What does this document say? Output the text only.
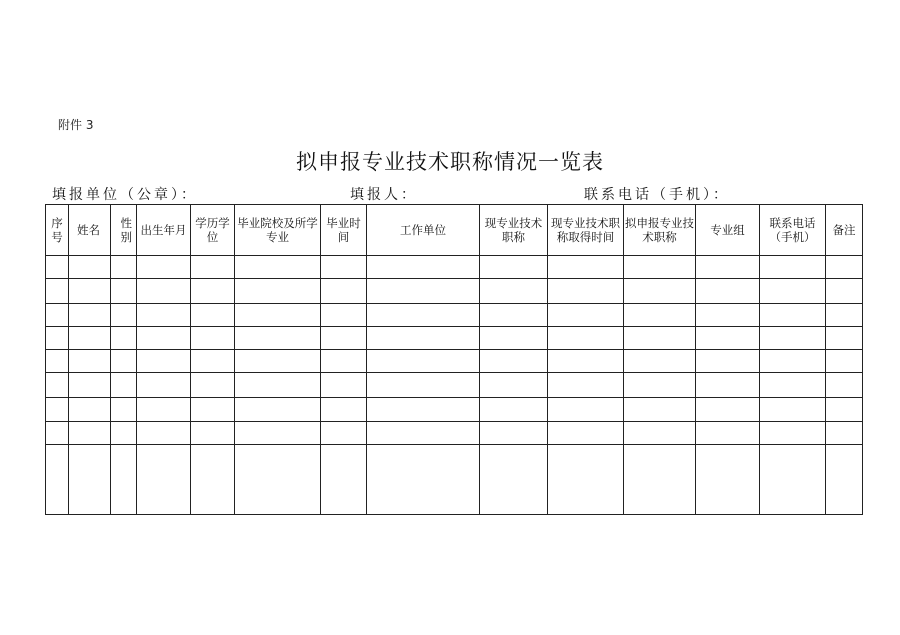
附件 3
拟申报专业技术职称情况一览表
填报单位（公章）：	填报人：	联系电话（手机）：
序号	姓名	性别	出生年月	学历学位	毕业院校及所学专业	毕业时间	工作单位	现专业技术职称	现专业技术职称取得时间	拟申报专业技术职称	专业组	联系电话（手机）	备注
